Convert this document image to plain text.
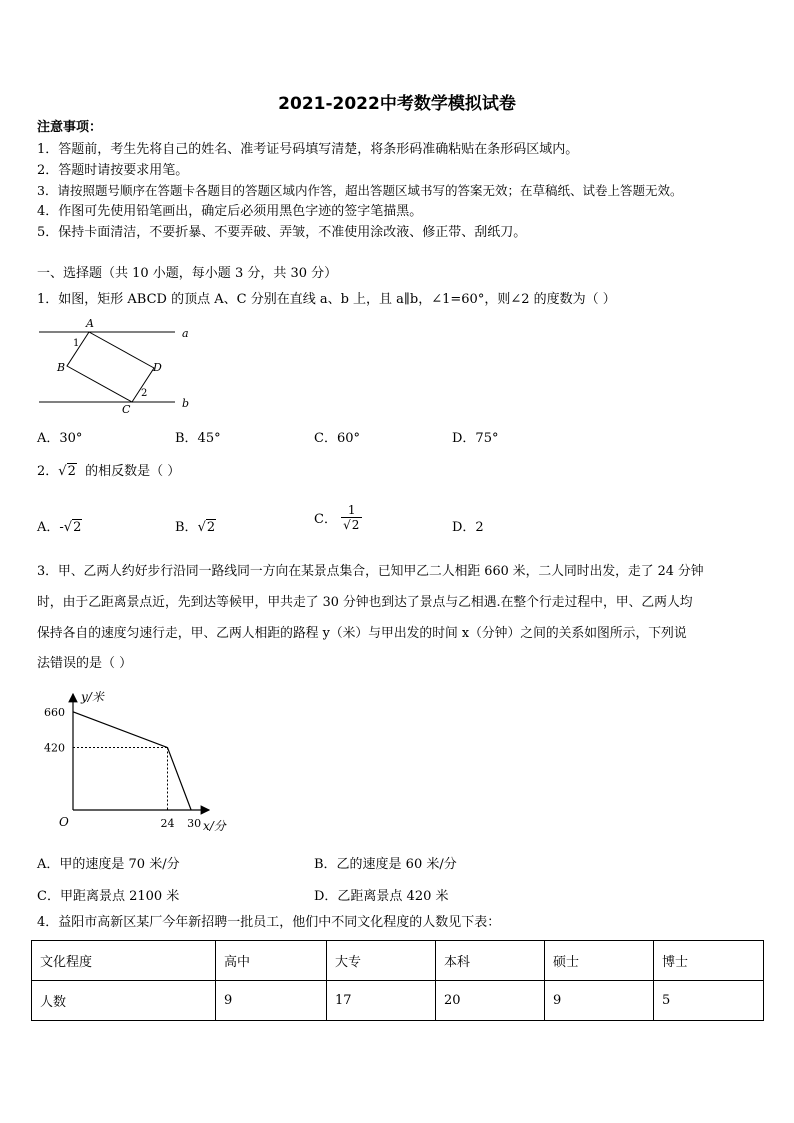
2021-2022中考数学模拟试卷
注意事项：
1．答题前，考生先将自己的姓名、准考证号码填写清楚，将条形码准确粘贴在条形码区域内。
2．答题时请按要求用笔。
3．请按照题号顺序在答题卡各题目的答题区域内作答，超出答题区域书写的答案无效；在草稿纸、试卷上答题无效。
4．作图可先使用铅笔画出，确定后必须用黑色字迹的签字笔描黑。
5．保持卡面清洁，不要折暴、不要弄破、弄皱，不准使用涂改液、修正带、刮纸刀。
一、选择题（共 10 小题，每小题 3 分，共 30 分）
1．如图，矩形 ABCD 的顶点 A、C 分别在直线 a、b 上，且 a∥b，∠1=60°，则∠2 的度数为（ ）
A
B
C
D
a
b
1
2
A．30°	B．45°	C．60°	D．75°
2．√2 的相反数是（ ）
A．-√2	B．√2
C． $\frac{1}{√2}$	D．2
3．甲、乙两人约好步行沿同一路线同一方向在某景点集合，已知甲乙二人相距 660 米，二人同时出发，走了 24 分钟
时，由于乙距离景点近，先到达等候甲，甲共走了 30 分钟也到达了景点与乙相遇.在整个行走过程中，甲、乙两人均
保持各自的速度匀速行走，甲、乙两人相距的路程 y（米）与甲出发的时间 x（分钟）之间的关系如图所示，下列说
法错误的是（ ）
O
y/米
x/分
660
420
24 30
A．甲的速度是 70 米/分	B．乙的速度是 60 米/分
C．甲距离景点 2100 米	D．乙距离景点 420 米
4．益阳市高新区某厂今年新招聘一批员工，他们中不同文化程度的人数见下表：
文化程度	高中	大专	本科	硕士	博士
人数	9	17	20	9	5
